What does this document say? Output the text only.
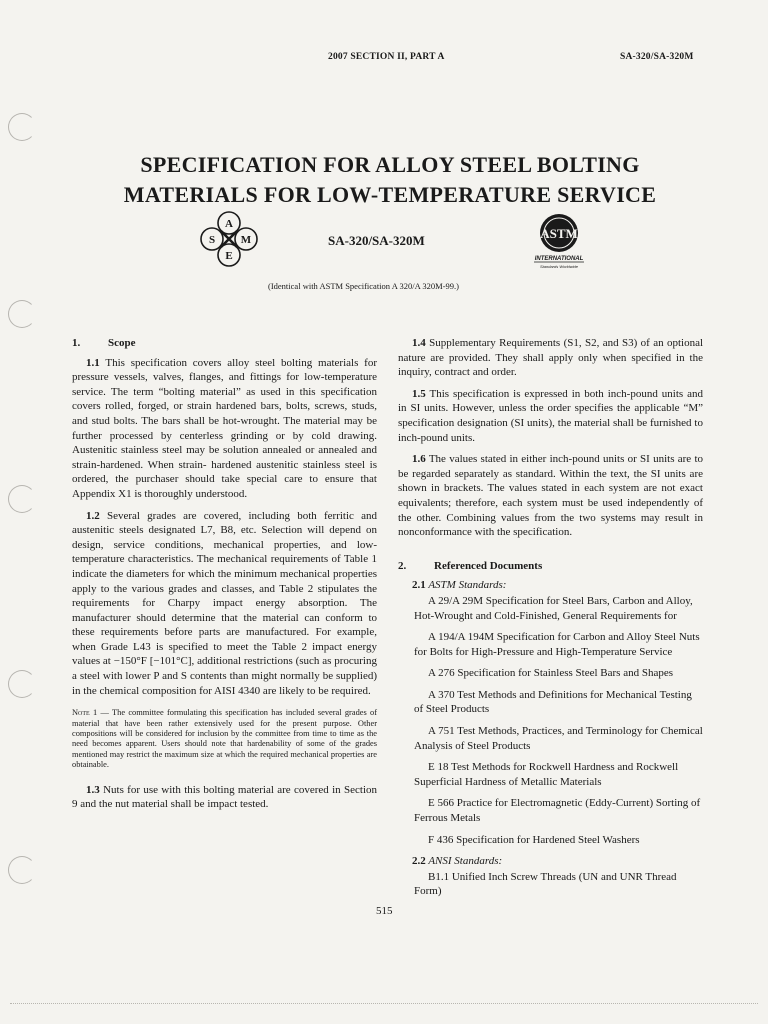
2007 SECTION II, PART A	SA-320/SA-320M
SPECIFICATION FOR ALLOY STEEL BOLTING
MATERIALS FOR LOW-TEMPERATURE SERVICE
A
S M
E
SA-320/SA-320M	ASTM
INTERNATIONAL
Standards Worldwide
(Identical with ASTM Specification A 320/A 320M-99.)
1.	Scope

1.1 This specification covers alloy steel bolting materials for pressure vessels, valves, flanges, and fittings for low-temperature service. The term “bolting material” as used in this specification covers rolled, forged, or strain hardened bars, bolts, screws, studs, and stud bolts. The bars shall be hot-wrought. The material may be further processed by centerless grinding or by cold drawing. Austenitic stainless steel may be solution annealed or annealed and strain-hardened. When strain- hardened austenitic stainless steel is ordered, the purchaser should take special care to ensure that Appendix X1 is thoroughly understood.

1.2 Several grades are covered, including both ferritic and austenitic steels designated L7, B8, etc. Selection will depend on design, service conditions, mechanical properties, and low-temperature characteristics. The mechanical requirements of Table 1 indicate the diameters for which the minimum mechanical properties apply to the various grades and classes, and Table 2 stipulates the requirements for Charpy impact energy absorption. The manufacturer should determine that the material can conform to these requirements before parts are manufactured. For example, when Grade L43 is specified to meet the Table 2 impact energy values at −150°F [−101°C], additional restrictions (such as procuring a steel with lower P and S contents than might normally be supplied) in the chemical composition for AISI 4340 are likely to be required.

Note 1 — The committee formulating this specification has included several grades of material that have been rather extensively used for the present purpose. Other compositions will be considered for inclusion by the committee from time to time as the need becomes apparent. Users should note that hardenability of some of the grades mentioned may restrict the maximum size at which the required mechanical properties are obtainable.

1.3 Nuts for use with this bolting material are covered in Section 9 and the nut material shall be impact tested.

1.4 Supplementary Requirements (S1, S2, and S3) of an optional nature are provided. They shall apply only when specified in the inquiry, contract and order.

1.5 This specification is expressed in both inch-pound units and in SI units. However, unless the order specifies the applicable “M” specification designation (SI units), the material shall be furnished to inch-pound units.

1.6 The values stated in either inch-pound units or SI units are to be regarded separately as standard. Within the text, the SI units are shown in brackets. The values stated in each system are not exact equivalents; therefore, each system must be used independently of the other. Combining values from the two systems may result in nonconformance with the specification.

2.	Referenced Documents
2.1 ASTM Standards:

A 29/A 29M Specification for Steel Bars, Carbon and Alloy, Hot-Wrought and Cold-Finished, General Requirements for

A 194/A 194M Specification for Carbon and Alloy Steel Nuts for Bolts for High-Pressure and High-Temperature Service

A 276 Specification for Stainless Steel Bars and Shapes

A 370 Test Methods and Definitions for Mechanical Testing of Steel Products

A 751 Test Methods, Practices, and Terminology for Chemical Analysis of Steel Products

E 18 Test Methods for Rockwell Hardness and Rockwell Superficial Hardness of Metallic Materials

E 566 Practice for Electromagnetic (Eddy-Current) Sorting of Ferrous Metals

F 436 Specification for Hardened Steel Washers

2.2 ANSI Standards:

B1.1 Unified Inch Screw Threads (UN and UNR Thread Form)

515
